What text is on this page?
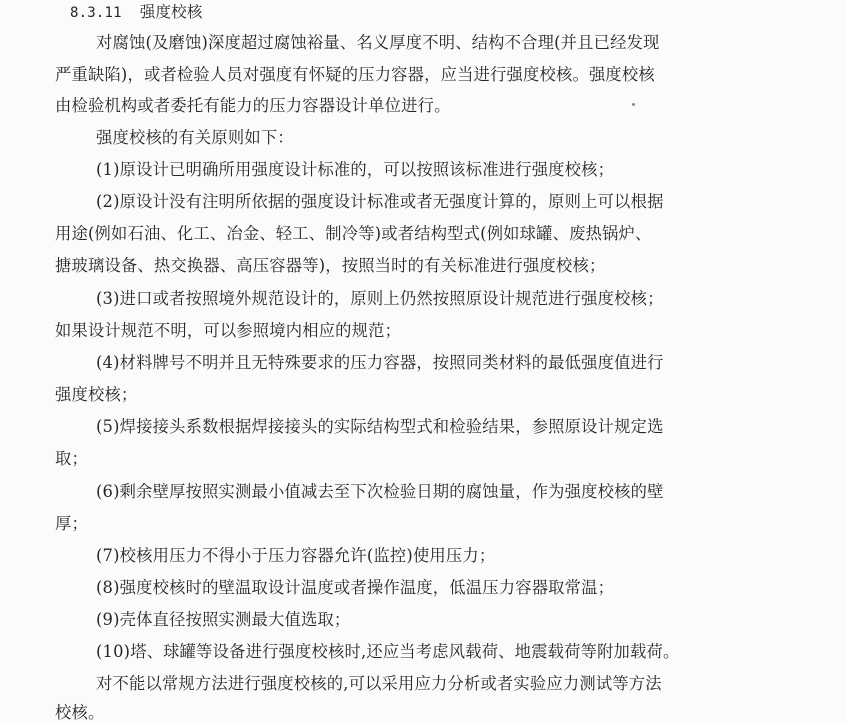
8.3.11 强度校核

对腐蚀(及磨蚀)深度超过腐蚀裕量、名义厚度不明、结构不合理(并且已经发现

严重缺陷)，或者检验人员对强度有怀疑的压力容器，应当进行强度校核。强度校核

由检验机构或者委托有能力的压力容器设计单位进行。

强度校核的有关原则如下：

(1)原设计已明确所用强度设计标准的，可以按照该标准进行强度校核；

(2)原设计没有注明所依据的强度设计标准或者无强度计算的，原则上可以根据

用途(例如石油、化工、冶金、轻工、制冷等)或者结构型式(例如球罐、废热锅炉、

搪玻璃设备、热交换器、高压容器等)，按照当时的有关标准进行强度校核；

(3)进口或者按照境外规范设计的，原则上仍然按照原设计规范进行强度校核；

如果设计规范不明，可以参照境内相应的规范；

(4)材料牌号不明并且无特殊要求的压力容器，按照同类材料的最低强度值进行

强度校核；

(5)焊接接头系数根据焊接接头的实际结构型式和检验结果，参照原设计规定选

取；

(6)剩余壁厚按照实测最小值减去至下次检验日期的腐蚀量，作为强度校核的壁

厚；

(7)校核用压力不得小于压力容器允许(监控)使用压力；

(8)强度校核时的壁温取设计温度或者操作温度，低温压力容器取常温；

(9)壳体直径按照实测最大值选取；

(10)塔、球罐等设备进行强度校核时,还应当考虑风载荷、地震载荷等附加载荷。

对不能以常规方法进行强度校核的,可以采用应力分析或者实验应力测试等方法

校核。
